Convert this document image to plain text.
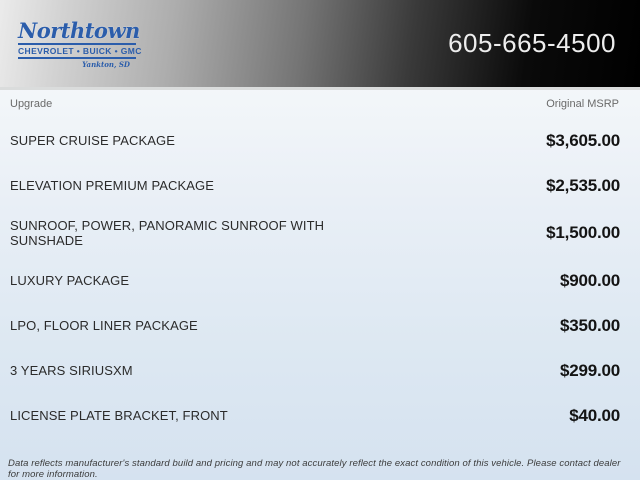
Northtown
CHEVROLET • BUICK • GMC
Yankton, SD
605-665-4500
Upgrade	Original MSRP
SUPER CRUISE PACKAGE	$3,605.00
ELEVATION PREMIUM PACKAGE	$2,535.00
SUNROOF, POWER, PANORAMIC SUNROOF WITH SUNSHADE	$1,500.00
LUXURY PACKAGE	$900.00
LPO, FLOOR LINER PACKAGE	$350.00
3 YEARS SIRIUSXM	$299.00
LICENSE PLATE BRACKET, FRONT	$40.00
Data reflects manufacturer's standard build and pricing and may not accurately reflect the exact condition of this vehicle. Please contact dealer for more information.
